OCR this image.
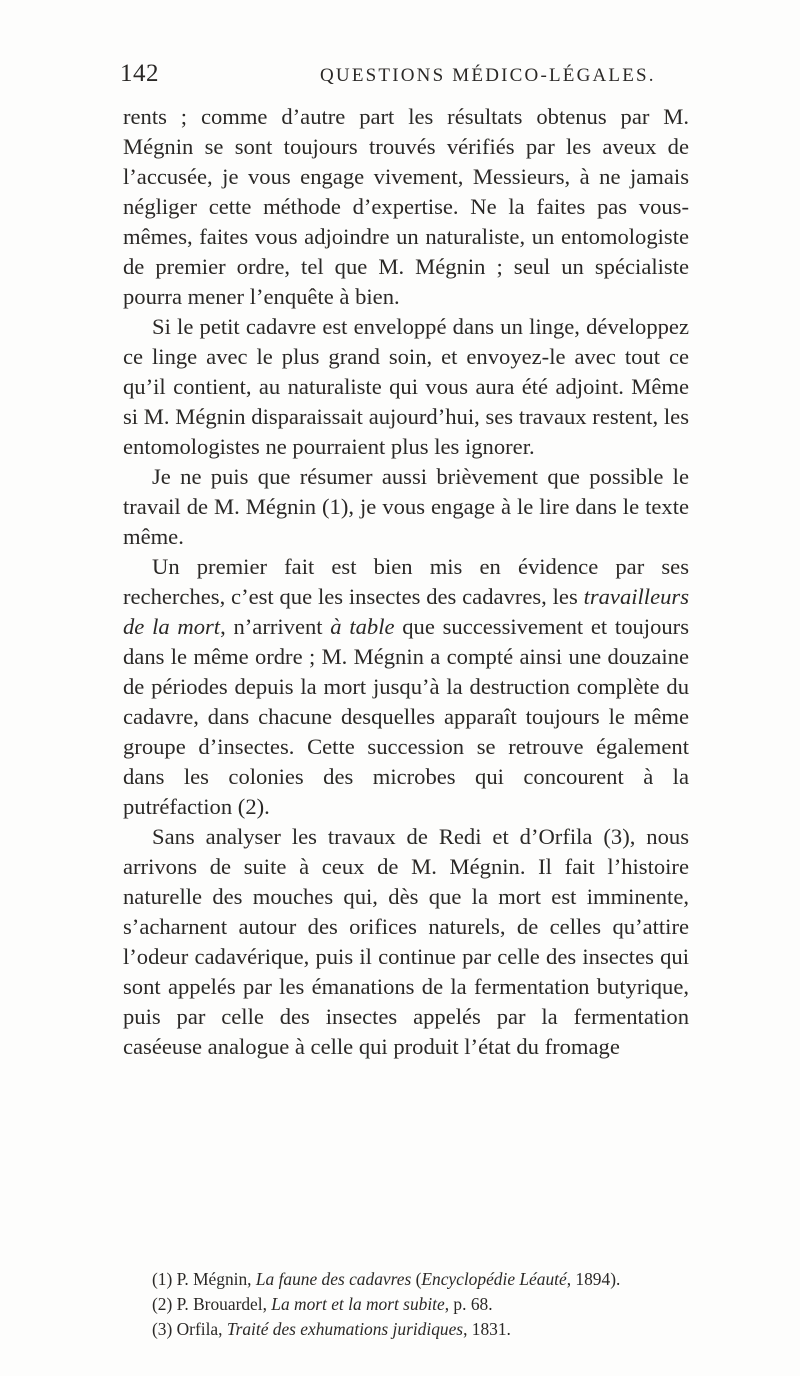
142	QUESTIONS MÉDICO-LÉGALES.

rents ; comme d’autre part les résultats obtenus par M. Mégnin se sont toujours trouvés vérifiés par les aveux de l’accusée, je vous engage vivement, Messieurs, à ne jamais négliger cette méthode d’expertise. Ne la faites pas vous-mêmes, faites vous adjoindre un naturaliste, un entomologiste de premier ordre, tel que M. Mégnin ; seul un spécialiste pourra mener l’enquête à bien.

Si le petit cadavre est enveloppé dans un linge, développez ce linge avec le plus grand soin, et envoyez-le avec tout ce qu’il contient, au naturaliste qui vous aura été adjoint. Même si M. Mégnin disparaissait aujourd’hui, ses travaux restent, les entomologistes ne pourraient plus les ignorer.

Je ne puis que résumer aussi brièvement que possible le travail de M. Mégnin (1), je vous engage à le lire dans le texte même.

Un premier fait est bien mis en évidence par ses recherches, c’est que les insectes des cadavres, les travailleurs de la mort, n’arrivent à table que successivement et toujours dans le même ordre ; M. Mégnin a compté ainsi une douzaine de périodes depuis la mort jusqu’à la destruction complète du cadavre, dans chacune desquelles apparaît toujours le même groupe d’insectes. Cette succession se retrouve également dans les colonies des microbes qui concourent à la putréfaction (2).

Sans analyser les travaux de Redi et d’Orfila (3), nous arrivons de suite à ceux de M. Mégnin. Il fait l’histoire naturelle des mouches qui, dès que la mort est imminente, s’acharnent autour des orifices naturels, de celles qu’attire l’odeur cadavérique, puis il continue par celle des insectes qui sont appelés par les émanations de la fermentation butyrique, puis par celle des insectes appelés par la fermentation caséeuse analogue à celle qui produit l’état du fromage

(1) P. Mégnin, La faune des cadavres (Encyclopédie Léauté, 1894).
(2) P. Brouardel, La mort et la mort subite, p. 68.
(3) Orfila, Traité des exhumations juridiques, 1831.
